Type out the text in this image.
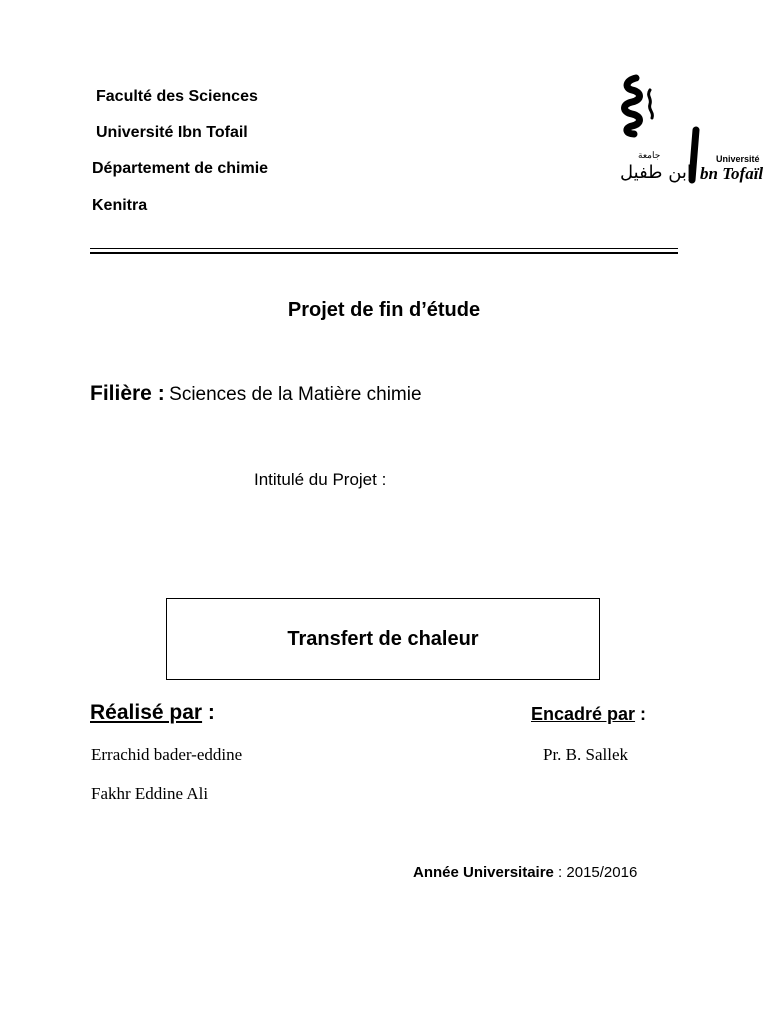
Faculté des Sciences
Université Ibn Tofail
Département de chimie
Kenitra
جامعة
ابن طفيل
Université
bn Tofaïl
Projet de fin d’étude
Filière : Sciences de la Matière chimie
Intitulé du Projet :
Transfert de chaleur
Réalisé par :	Encadré par :
Errachid bader-eddine
Fakhr Eddine Ali
Pr. B. Sallek
Année Universitaire : 2015/2016
